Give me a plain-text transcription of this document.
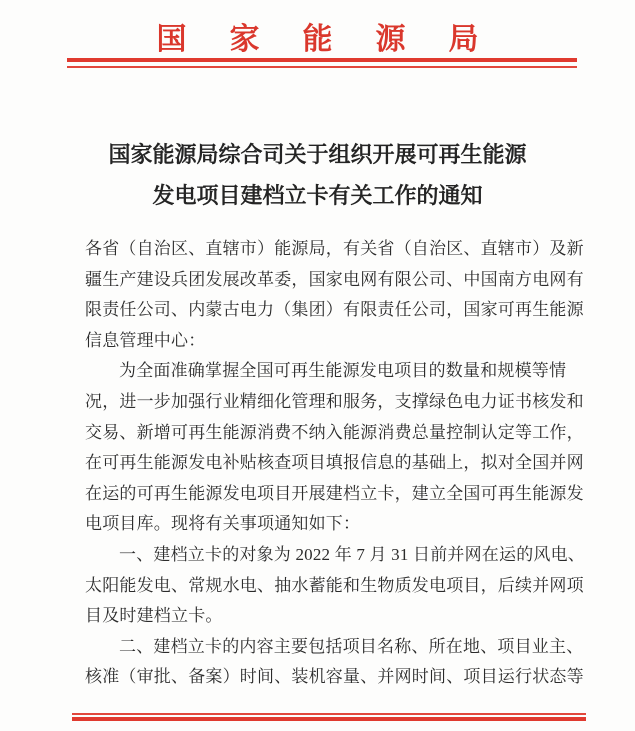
国家能源局
国家能源局综合司关于组织开展可再生能源
发电项目建档立卡有关工作的通知
各省（自治区、直辖市）能源局，有关省（自治区、直辖市）及新
疆生产建设兵团发展改革委，国家电网有限公司、中国南方电网有
限责任公司、内蒙古电力（集团）有限责任公司，国家可再生能源
信息管理中心：
为全面准确掌握全国可再生能源发电项目的数量和规模等情
况，进一步加强行业精细化管理和服务，支撑绿色电力证书核发和
交易、新增可再生能源消费不纳入能源消费总量控制认定等工作，
在可再生能源发电补贴核查项目填报信息的基础上，拟对全国并网
在运的可再生能源发电项目开展建档立卡，建立全国可再生能源发
电项目库。现将有关事项通知如下：
一、建档立卡的对象为 2022 年 7 月 31 日前并网在运的风电、
太阳能发电、常规水电、抽水蓄能和生物质发电项目，后续并网项
目及时建档立卡。
二、建档立卡的内容主要包括项目名称、所在地、项目业主、
核准（审批、备案）时间、装机容量、并网时间、项目运行状态等
